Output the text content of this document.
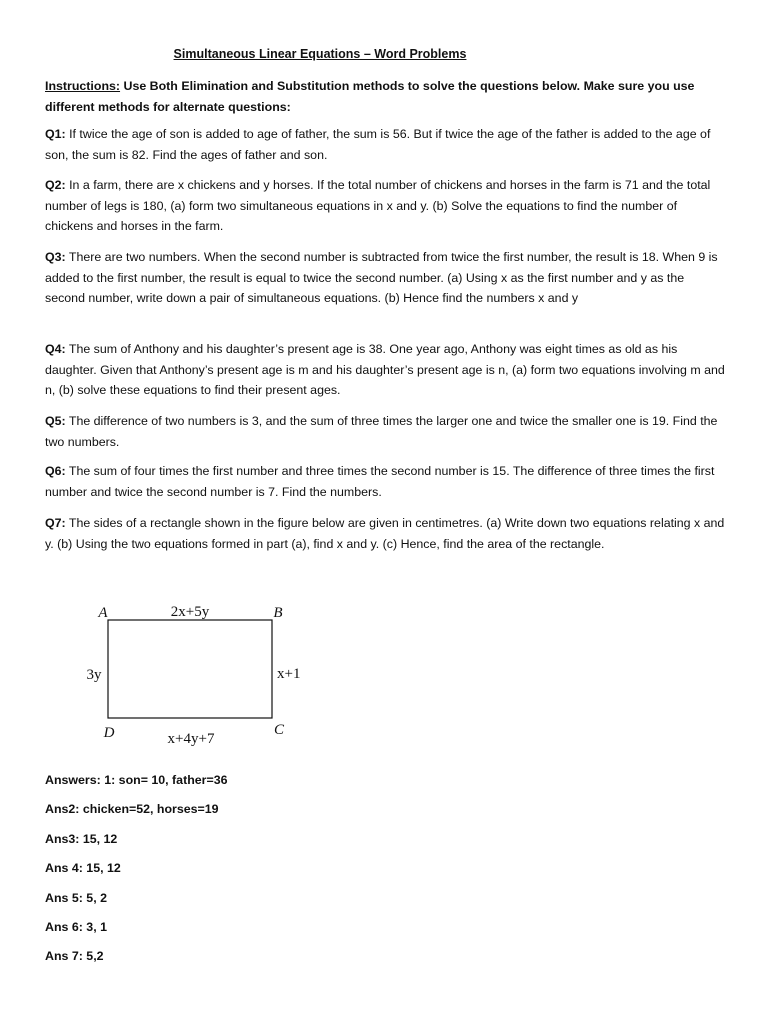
Simultaneous Linear Equations – Word Problems
Instructions: Use Both Elimination and Substitution methods to solve the questions below. Make sure you use different methods for alternate questions:
Q1: If twice the age of son is added to age of father, the sum is 56. But if twice the age of the father is added to the age of son, the sum is 82. Find the ages of father and son.
Q2: In a farm, there are x chickens and y horses. If the total number of chickens and horses in the farm is 71 and the total number of legs is 180, (a) form two simultaneous equations in x and y. (b) Solve the equations to find the number of chickens and horses in the farm.
Q3: There are two numbers. When the second number is subtracted from twice the first number, the result is 18. When 9 is added to the first number, the result is equal to twice the second number. (a) Using x as the first number and y as the second number, write down a pair of simultaneous equations. (b) Hence find the numbers x and y
Q4: The sum of Anthony and his daughter’s present age is 38. One year ago, Anthony was eight times as old as his daughter. Given that Anthony’s present age is m and his daughter’s present age is n, (a) form two equations involving m and n, (b) solve these equations to find their present ages.
Q5: The difference of two numbers is 3, and the sum of three times the larger one and twice the smaller one is 19. Find the two numbers.
Q6: The sum of four times the first number and three times the second number is 15. The difference of three times the first number and twice the second number is 7. Find the numbers.
Q7: The sides of a rectangle shown in the figure below are given in centimetres. (a) Write down two equations relating x and y. (b) Using the two equations formed in part (a), find x and y. (c) Hence, find the area of the rectangle.
A	B
C
D
2x+5y
3y	x+1
x+4y+7
Answers: 1: son= 10, father=36
Ans2: chicken=52, horses=19
Ans3: 15, 12
Ans 4: 15, 12
Ans 5: 5, 2
Ans 6: 3, 1
Ans 7: 5,2
